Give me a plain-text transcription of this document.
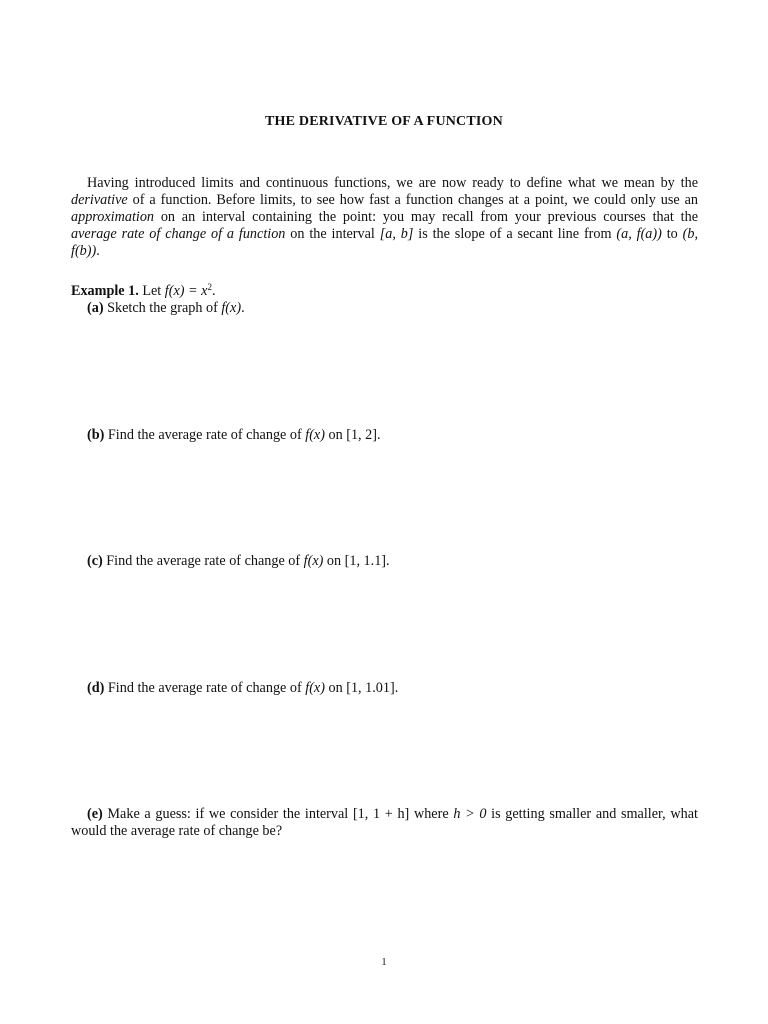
THE DERIVATIVE OF A FUNCTION

Having introduced limits and continuous functions, we are now ready to define what we mean by the derivative of a function. Before limits, to see how fast a function changes at a point, we could only use an approximation on an interval containing the point: you may recall from your previous courses that the average rate of change of a function on the interval [a, b] is the slope of a secant line from (a, f(a)) to (b, f(b)).

Example 1. Let $f(x) = x^2$.
(a) Sketch the graph of f(x).
(b) Find the average rate of change of f(x) on [1, 2].
(c) Find the average rate of change of f(x) on [1, 1.1].
(d) Find the average rate of change of f(x) on [1, 1.01].

(e) Make a guess: if we consider the interval [1, 1 + h] where h > 0 is getting smaller and smaller, what would the average rate of change be?

1
